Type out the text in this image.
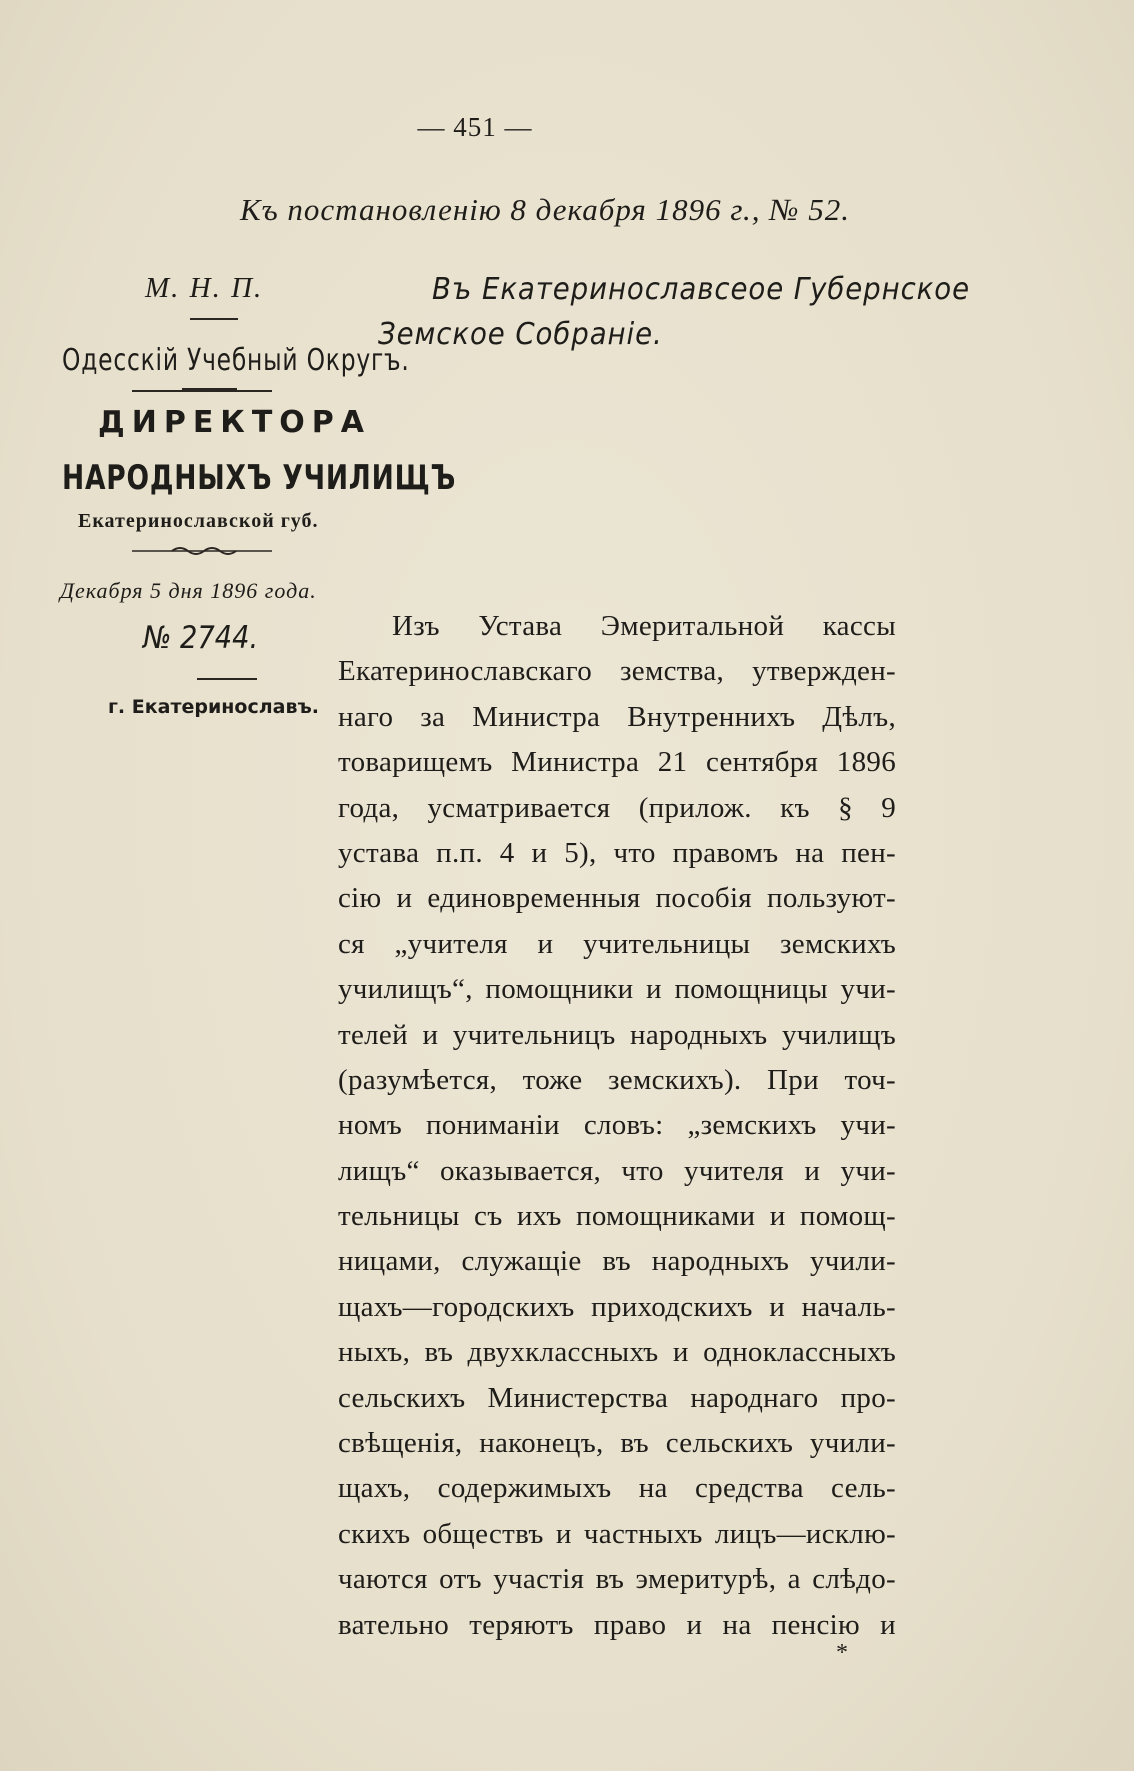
— 451 —
Къ постановленію 8 декабря 1896 г., № 52.
М. Н. П.	Въ Екатеринославсеое Губернское
Земское Собраніе.
Одесскій Учебный Округъ.
ДИРЕКТОРА
НАРОДНЫХЪ УЧИЛИЩЪ
Екатеринославской губ.
Декабря 5 дня 1896 года.
№ 2744.
г. Екатеринославъ.
Изъ Устава Эмеритальной кассы
Екатеринославскаго земства, утвержден-
наго за Министра Внутреннихъ Дѣлъ,
товарищемъ Министра 21 сентября 1896
года, усматривается (прилож. къ § 9
устава п.п. 4 и 5), что правомъ на пен-
сію и единовременныя пособія пользуют-
ся „учителя и учительницы земскихъ
училищъ“, помощники и помощницы учи-
телей и учительницъ народныхъ училищъ
(разумѣется, тоже земскихъ). При точ-
номъ пониманіи словъ: „земскихъ учи-
лищъ“ оказывается, что учителя и учи-
тельницы съ ихъ помощниками и помощ-
ницами, служащіе въ народныхъ учили-
щахъ—городскихъ приходскихъ и началь-
ныхъ, въ двухклассныхъ и одноклассныхъ
сельскихъ Министерства народнаго про-
свѣщенія, наконецъ, въ сельскихъ учили-
щахъ, содержимыхъ на средства сель-
скихъ обществъ и частныхъ лицъ—исклю-
чаются отъ участія въ эмеритурѣ, а слѣдо-
вательно теряютъ право и на пенсію и
*
